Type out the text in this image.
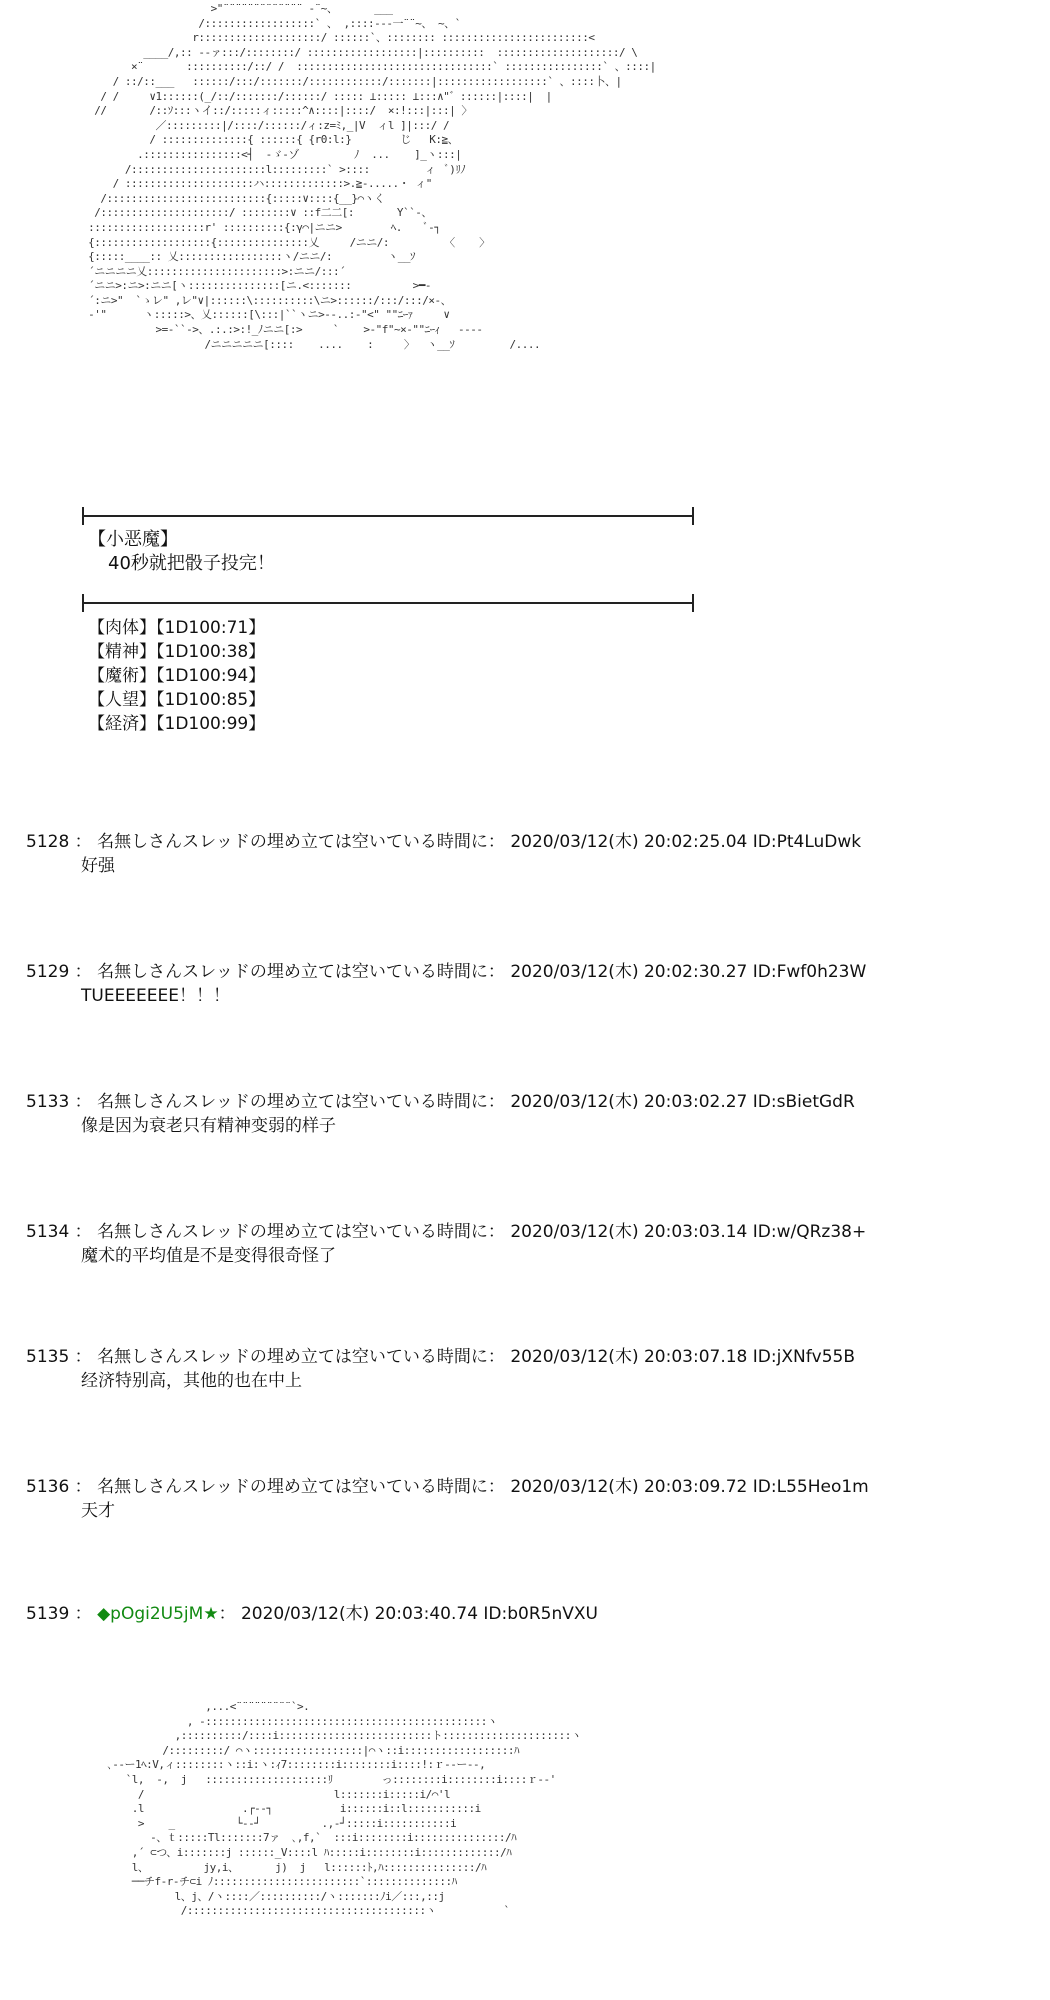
>"¨¨¨¨¨¨¨¨¨¨¨¨¨ ‐¨~、      ___
/::::::::::::::::::` 、 ,::::--‐一¨¨~、 ~、`
r::::::::::::::::::::/ ::::::`、:::::::: ::::::::::::::::::::::::<
____/,:: --ァ:::/::::::::/ ::::::::::::::::::|::::::::::  ::::::::::::::::::::/ \
×¨       ::::::::::/::/ /  ::::::::::::::::::::::::::::::::` ::::::::::::::::` 、::::|
/ ::/::___   ::::::/:::/:::::::/::::::::::::/:::::::|::::::::::::::::::` 、::::卜、|
/ /     ∨1::::::(_/::/:::::::/::::::/ ::::: ⊥::::: ⊥:::∧"゛::::::|::::|  |
//       /::ｿ:::ヽイ::/:::::ィ:::::^∧::::|::::/  ×:!:::|:::| 〉
／:::::::::|/::::/::::::/ィ:z=ﾐ,_|V  ィl ]|:::/ /
/ ::::::::::::::{ ::::::{ {r0:l:}        じ   K:≧、
.::::::::::::::::<┤  ‐ゞ‐ゾ         ﾉ  ...    ]_ヽ:::|
/::::::::::::::::::::::l:::::::::` >::::         ィ  ﾞ)ﾘﾉ
/ :::::::::::::::::::::ハ:::::::::::::>.≧‐.....・ ィ"
/::::::::::::::::::::::::::{:::::∨::::{__}⌒ヽく
/:::::::::::::::::::::/ ::::::::∨ ::f二二[:       Y``‐、
:::::::::::::::::::r' ::::::::::{:γ⌒|ニニ>        ﾍ.    ﾞ‐┐
{:::::::::::::::::::{:::::::::::::::乂     /ニニ/:         〈    〉
{:::::____:: 乂:::::::::::::::::ヽ/ニニ/:         ヽ__ｿ
´ニニニニ乂::::::::::::::::::::::>:ニニ/:::´
´ニニ>:ニ>:ニニ[ヽ:::::::::::::::[ニ.<:::::::          >━‐
´:ニ>"  `ゝレ" ,レ"∨|::::::\::::::::::\ニ>::::::/:::/:::/×‐、
‐'"      ヽ:::::>、乂::::::[\:::|``ヽニ>‐‐..:-"<" ""ﾆｰｧ     ∨
>=‐``‐>、.:.:>:!_ﾉニニ[:>     `    >‐"f"~×‐""ﾆｰｨ   ‐-‐-
/ニニニニニ[::::    ....    :     〉  ヽ__ｿ         /....
【小恶魔】
40秒就把骰子投完！
【肉体】【1D100:71】
【精神】【1D100:38】
【魔術】【1D100:94】
【人望】【1D100:85】
【経済】【1D100:99】
5128 ： 名無しさんスレッドの埋め立ては空いている時間に： 2020/03/12(木) 20:02:25.04 ID:Pt4LuDwk
好强
5129 ： 名無しさんスレッドの埋め立ては空いている時間に： 2020/03/12(木) 20:02:30.27 ID:Fwf0h23W
TUEEEEEEE！！！
5133 ： 名無しさんスレッドの埋め立ては空いている時間に： 2020/03/12(木) 20:03:02.27 ID:sBietGdR
像是因为衰老只有精神变弱的样子
5134 ： 名無しさんスレッドの埋め立ては空いている時間に： 2020/03/12(木) 20:03:03.14 ID:w/QRz38+
魔术的平均值是不是变得很奇怪了
5135 ： 名無しさんスレッドの埋め立ては空いている時間に： 2020/03/12(木) 20:03:07.18 ID:jXNfv55B
经济特别高，其他的也在中上
5136 ： 名無しさんスレッドの埋め立ては空いている時間に： 2020/03/12(木) 20:03:09.72 ID:L55Heo1m
天才
5139 ： ◆pOgi2U5jM★： 2020/03/12(木) 20:03:40.74 ID:b0R5nVXU
,...<¨¨¨¨¨¨¨¨¨`>.
, ‐::::::::::::::::::::::::::::::::::::::::::::::ヽ
,::::::::::/::::i:::::::::::::::::::::::::ト:::::::::::::::::::::ヽ
/:::::::::/ ⌒ヽ::::::::::::::::::|⌒ヽ::i::::::::::::::::::ﾊ
､‐‐ー1ﾍ:V,ィ::::::::ヽ::i:ヽ:ｨ7::::::::i::::::::i::::!:ｒ‐‐ー-‐,
`l,  ‐,  j   ::::::::::::::::::::ﾘ        っ::::::::i::::::::i::::ｒ‐‐'
/                               l:::::::i:::::i/⌒'l
.l                .┌‐‐┐           i::::::i::l:::::::::::i
>    _          └‐‐┘          .,‐┘:::::i:::::::::::i
‐、ｔ:::::Tl:::::::7ァ  ､,f,`  :::i::::::::i:::::::::::::::/ﾊ
,´ ⊂つ、i:::::::j ::::::_V::::l ﾊ:::::i::::::::i:::::::::::::/ﾊ
l、         jy,i、      j)  j   l::::::ﾄ,ﾊ:::::::::::::::/ﾊ
──チf‐r‐チ⊂i ﾉ::::::::::::::::::::::::`::::::::::::::ﾊ
l、j、/ヽ::::／::::::::::/ヽ:::::::ﾉi／:::,::j
/:::::::::::::::::::::::::::::::::::::::ヽ           `
